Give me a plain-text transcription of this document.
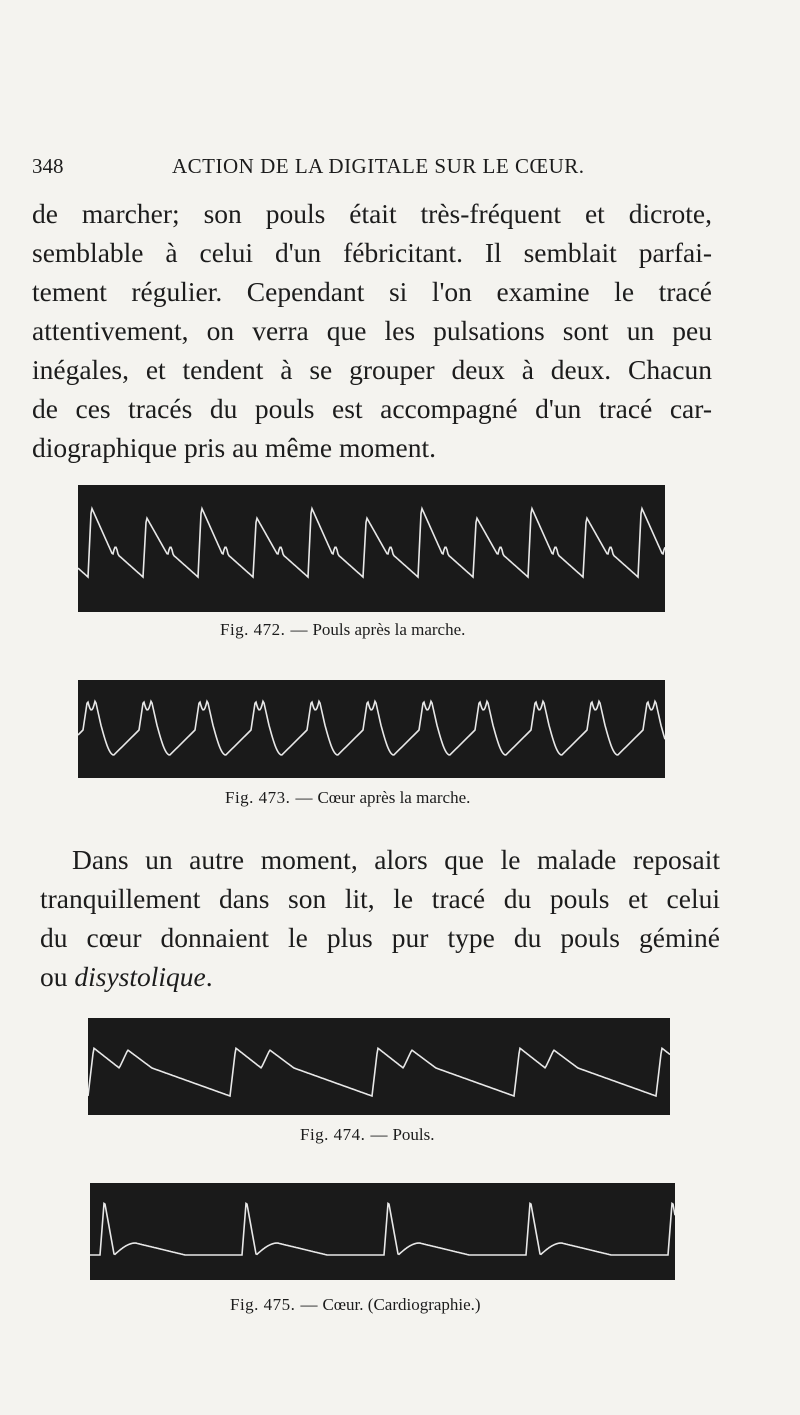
348	ACTION DE LA DIGITALE SUR LE CŒUR.
de marcher; son pouls était très-fréquent et dicrote,
semblable à celui d'un fébricitant. Il semblait parfai-
tement régulier. Cependant si l'on examine le tracé
attentivement, on verra que les pulsations sont un peu
inégales, et tendent à se grouper deux à deux. Chacun
de ces tracés du pouls est accompagné d'un tracé car-
diographique pris au même moment.
Fig. 472. — Pouls après la marche.
Fig. 473. — Cœur après la marche.
Dans un autre moment, alors que le malade reposait
tranquillement dans son lit, le tracé du pouls et celui
du cœur donnaient le plus pur type du pouls géminé
ou disystolique.
Fig. 474. — Pouls.
Fig. 475. — Cœur. (Cardiographie.)
